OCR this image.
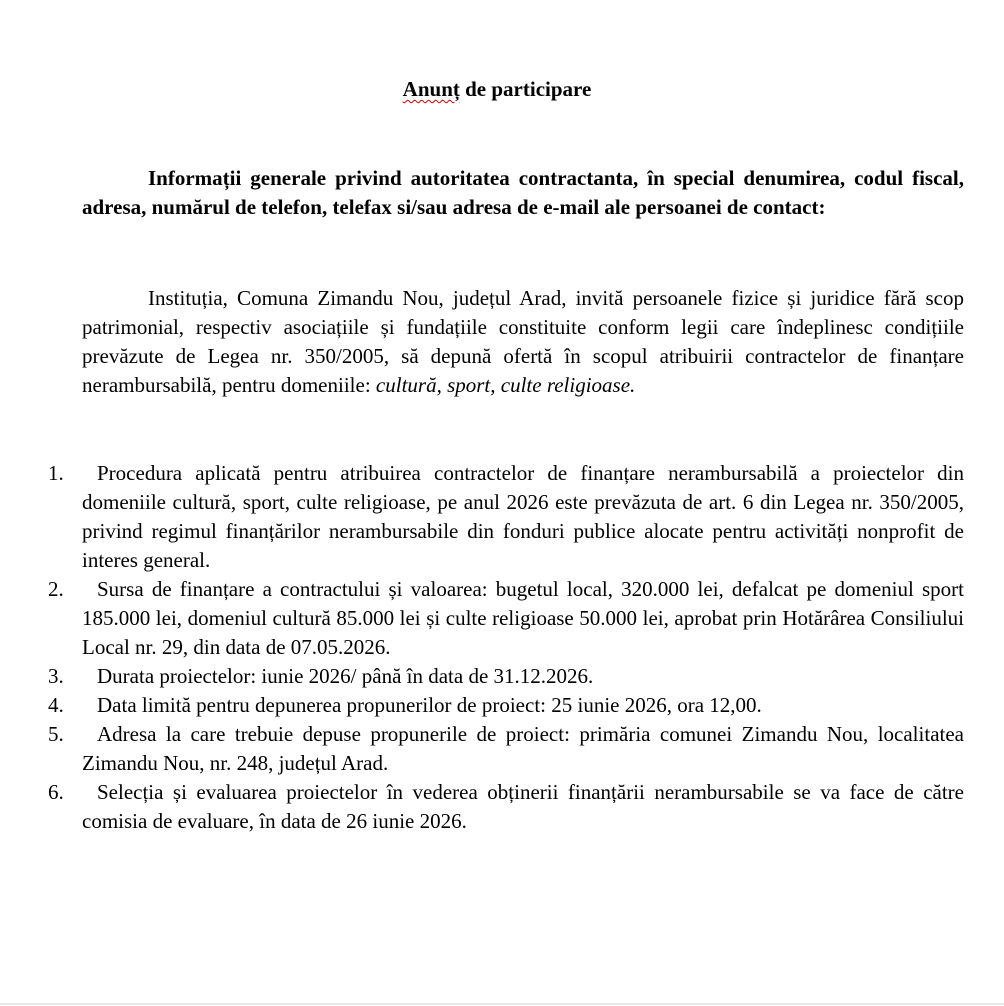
Anunț de participare
Informații generale privind autoritatea contractanta, în special denumirea, codul fiscal, adresa, numărul de telefon, telefax si/sau adresa de e-mail ale persoanei de contact:
Instituția, Comuna Zimandu Nou, județul Arad, invită persoanele fizice și juridice fără scop patrimonial, respectiv asociațiile și fundațiile constituite conform legii care îndeplinesc condițiile prevăzute de Legea nr. 350/2005, să depună ofertă în scopul atribuirii contractelor de finanțare nerambursabilă, pentru domeniile: cultură, sport, culte religioase.
1.	Procedura aplicată pentru atribuirea contractelor de finanțare nerambursabilă a proiectelor din domeniile cultură, sport, culte religioase, pe anul 2026 este prevăzuta de art. 6 din Legea nr. 350/2005, privind regimul finanțărilor nerambursabile din fonduri publice alocate pentru activități nonprofit de interes general.
2.	Sursa de finanțare a contractului și valoarea: bugetul local, 320.000 lei, defalcat pe domeniul sport 185.000 lei, domeniul cultură 85.000 lei și culte religioase 50.000 lei, aprobat prin Hotărârea Consiliului Local nr. 29, din data de 07.05.2026.
3.	Durata proiectelor: iunie 2026/ până în data de 31.12.2026.
4.	Data limită pentru depunerea propunerilor de proiect: 25 iunie 2026, ora 12,00.
5.	Adresa la care trebuie depuse propunerile de proiect: primăria comunei Zimandu Nou, localitatea Zimandu Nou, nr. 248, județul Arad.
6.	Selecția și evaluarea proiectelor în vederea obținerii finanțării nerambursabile se va face de către comisia de evaluare, în data de 26 iunie 2026.
